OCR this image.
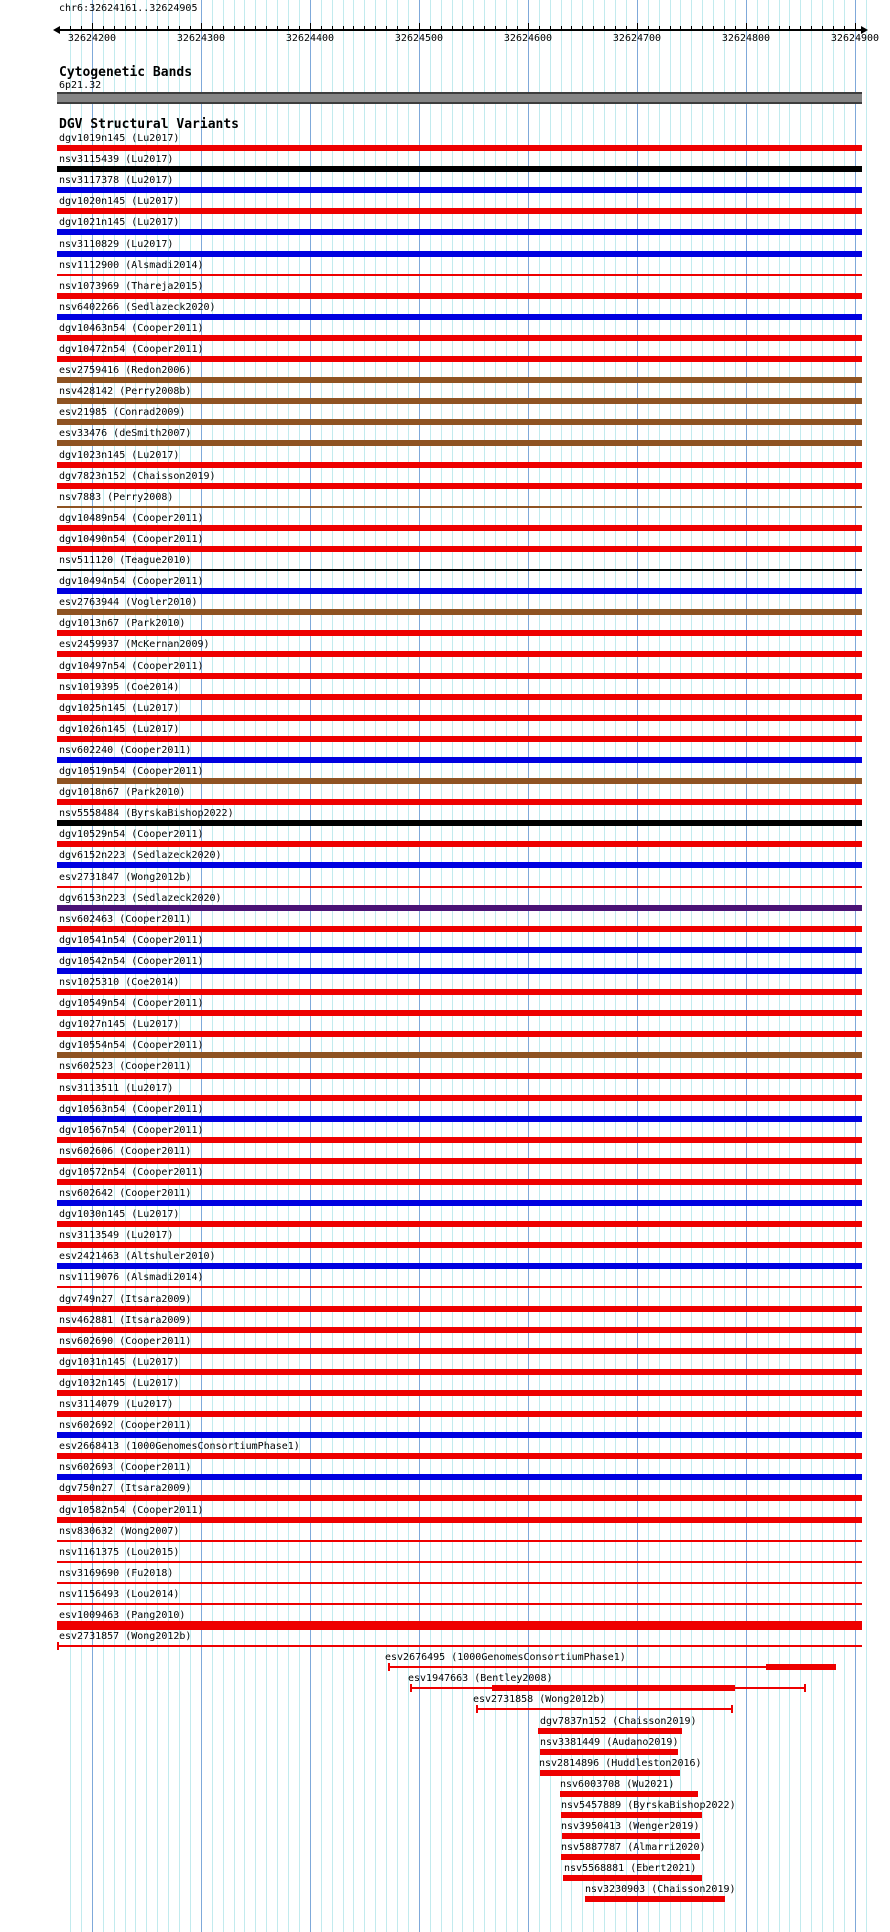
chr6:32624161..32624905
32624200	32624300	32624400	32624500	32624600	32624700	32624800	32624900
Cytogenetic Bands
6p21.32
DGV Structural Variants
dgv1019n145 (Lu2017)
nsv3115439 (Lu2017)
nsv3117378 (Lu2017)
dgv1020n145 (Lu2017)
dgv1021n145 (Lu2017)
nsv3110829 (Lu2017)
nsv1112900 (Alsmadi2014)
nsv1073969 (Thareja2015)
nsv6402266 (Sedlazeck2020)
dgv10463n54 (Cooper2011)
dgv10472n54 (Cooper2011)
esv2759416 (Redon2006)
nsv428142 (Perry2008b)
esv21985 (Conrad2009)
esv33476 (deSmith2007)
dgv1023n145 (Lu2017)
dgv7823n152 (Chaisson2019)
nsv7883 (Perry2008)
dgv10489n54 (Cooper2011)
dgv10490n54 (Cooper2011)
nsv511120 (Teague2010)
dgv10494n54 (Cooper2011)
esv2763944 (Vogler2010)
dgv1013n67 (Park2010)
esv2459937 (McKernan2009)
dgv10497n54 (Cooper2011)
nsv1019395 (Coe2014)
dgv1025n145 (Lu2017)
dgv1026n145 (Lu2017)
nsv602240 (Cooper2011)
dgv10519n54 (Cooper2011)
dgv1018n67 (Park2010)
nsv5558484 (ByrskaBishop2022)
dgv10529n54 (Cooper2011)
dgv6152n223 (Sedlazeck2020)
esv2731847 (Wong2012b)
dgv6153n223 (Sedlazeck2020)
nsv602463 (Cooper2011)
dgv10541n54 (Cooper2011)
dgv10542n54 (Cooper2011)
nsv1025310 (Coe2014)
dgv10549n54 (Cooper2011)
dgv1027n145 (Lu2017)
dgv10554n54 (Cooper2011)
nsv602523 (Cooper2011)
nsv3113511 (Lu2017)
dgv10563n54 (Cooper2011)
dgv10567n54 (Cooper2011)
nsv602606 (Cooper2011)
dgv10572n54 (Cooper2011)
nsv602642 (Cooper2011)
dgv1030n145 (Lu2017)
nsv3113549 (Lu2017)
esv2421463 (Altshuler2010)
nsv1119076 (Alsmadi2014)
dgv749n27 (Itsara2009)
nsv462881 (Itsara2009)
nsv602690 (Cooper2011)
dgv1031n145 (Lu2017)
dgv1032n145 (Lu2017)
nsv3114079 (Lu2017)
nsv602692 (Cooper2011)
esv2668413 (1000GenomesConsortiumPhase1)
nsv602693 (Cooper2011)
dgv750n27 (Itsara2009)
dgv10582n54 (Cooper2011)
nsv830632 (Wong2007)
nsv1161375 (Lou2015)
nsv3169690 (Fu2018)
nsv1156493 (Lou2014)
esv1009463 (Pang2010)
esv2731857 (Wong2012b)
esv2676495 (1000GenomesConsortiumPhase1)
esv1947663 (Bentley2008)
esv2731858 (Wong2012b)
dgv7837n152 (Chaisson2019)
nsv3381449 (Audano2019)
nsv2814896 (Huddleston2016)
nsv6003708 (Wu2021)
nsv5457889 (ByrskaBishop2022)
nsv3950413 (Wenger2019)
nsv5887787 (Almarri2020)
nsv5568881 (Ebert2021)
nsv3230903 (Chaisson2019)
